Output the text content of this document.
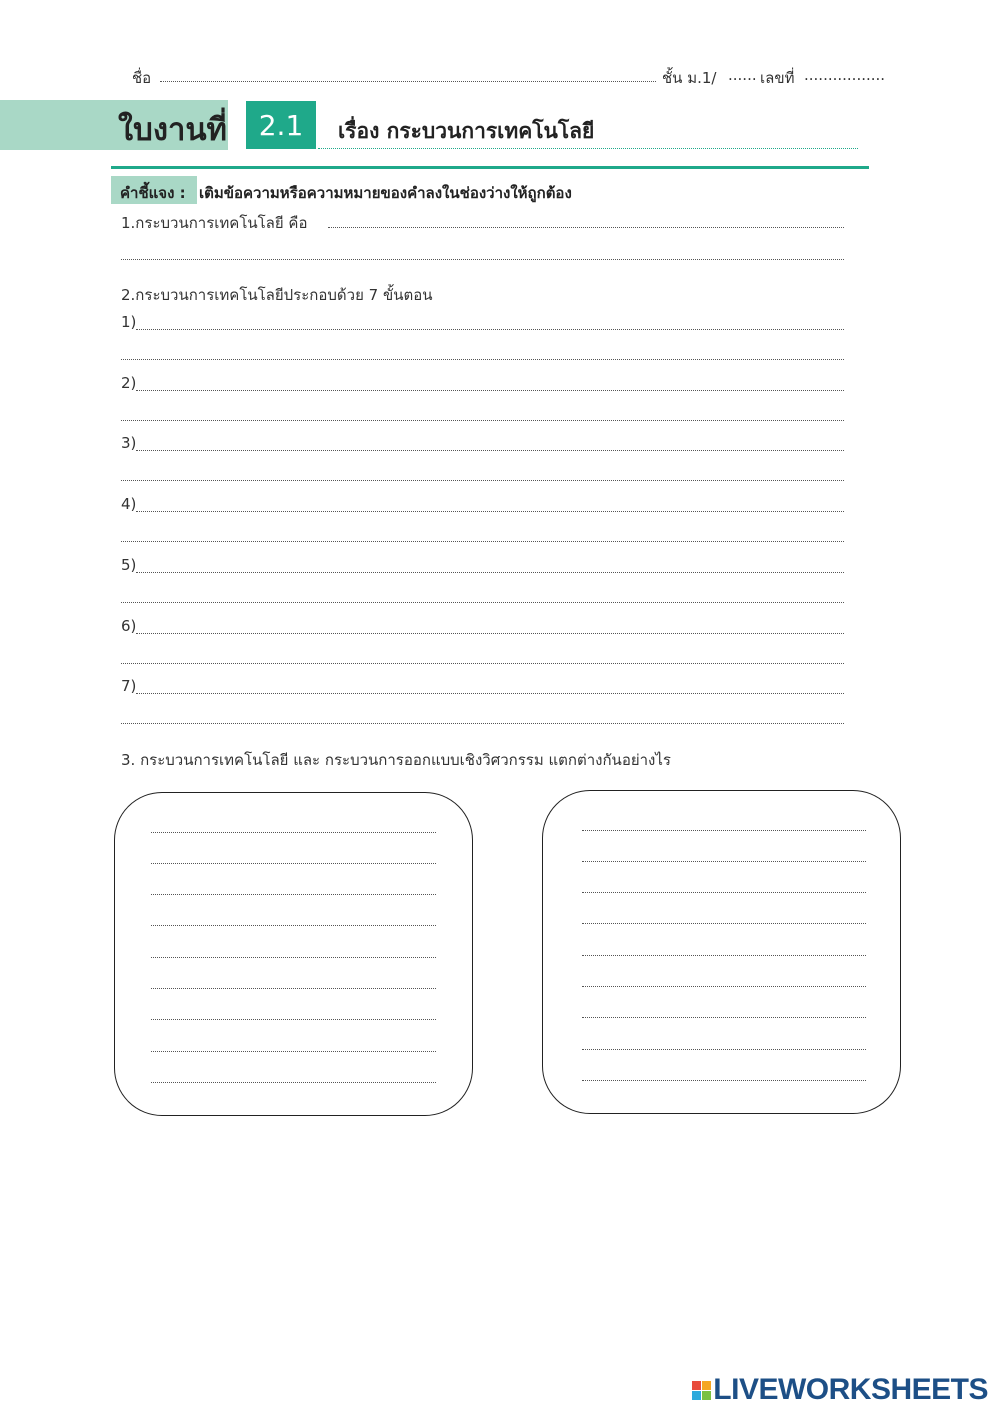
ชื่อ	ชั้น ม.1/ ...... เลขที่ .................
ใบงานที่ 2.1 เรื่อง กระบวนการเทคโนโลยี
คำชี้แจง : เติมข้อความหรือความหมายของคำลงในช่องว่างให้ถูกต้อง
1.กระบวนการเทคโนโลยี คือ
2.กระบวนการเทคโนโลยีประกอบด้วย 7 ขั้นตอน
1)
2)
3)
4)
5)
6)
7)
3. กระบวนการเทคโนโลยี และ กระบวนการออกแบบเชิงวิศวกรรม แตกต่างกันอย่างไร
LIVEWORKSHEETS
